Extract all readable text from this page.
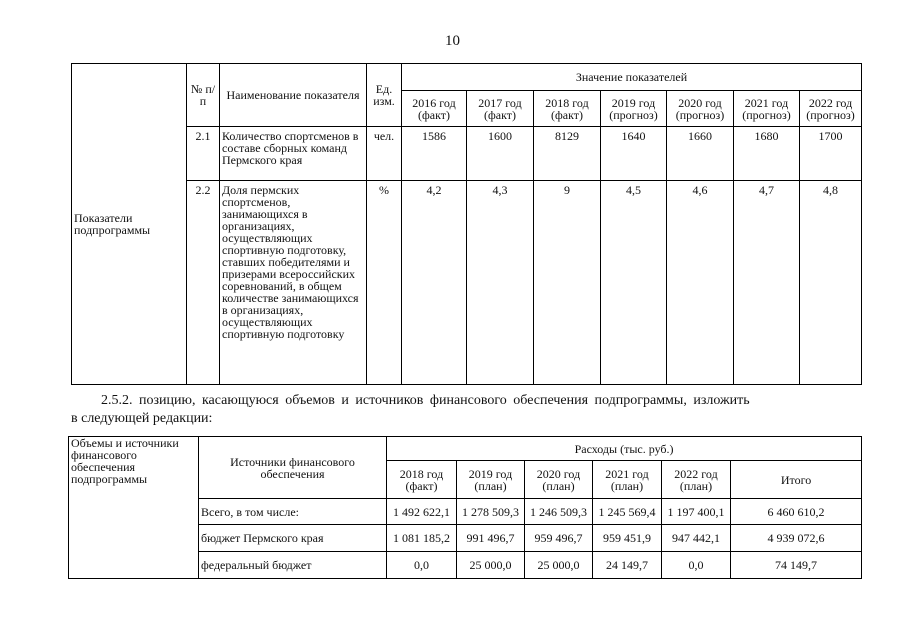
10
Показатели подпрограммы	№ п/п	Наименование показателя	Ед. изм.	Значение показателей						
				2016 год (факт)	2017 год (факт)	2018 год (факт)	2019 год (прогноз)	2020 год (прогноз)	2021 год (прогноз)	2022 год (прогноз)
	2.1	Количество спортсменов в составе сборных команд Пермского края	чел.	1586	1600	8129	1640	1660	1680	1700
	2.2	Доля пермских спортсменов, занимающихся в организациях, осуществляющих спортивную подготовку, ставших победителями и призерами всероссийских соревнований, в общем количестве занимающихся в организациях, осуществляющих спортивную подготовку	%	4,2	4,3	9	4,5	4,6	4,7	4,8
2.5.2. позицию, касающуюся объемов и источников финансового обеспечения подпрограммы, изложить
в следующей редакции:
Объемы и источники финансового обеспечения подпрограммы	Источники финансового обеспечения	Расходы (тыс. руб.)					
		2018 год (факт)	2019 год (план)	2020 год (план)	2021 год (план)	2022 год (план)	Итого
	Всего, в том числе:	1 492 622,1	1 278 509,3	1 246 509,3	1 245 569,4	1 197 400,1	6 460 610,2
	бюджет Пермского края	1 081 185,2	991 496,7	959 496,7	959 451,9	947 442,1	4 939 072,6
	федеральный бюджет	0,0	25 000,0	25 000,0	24 149,7	0,0	74 149,7
